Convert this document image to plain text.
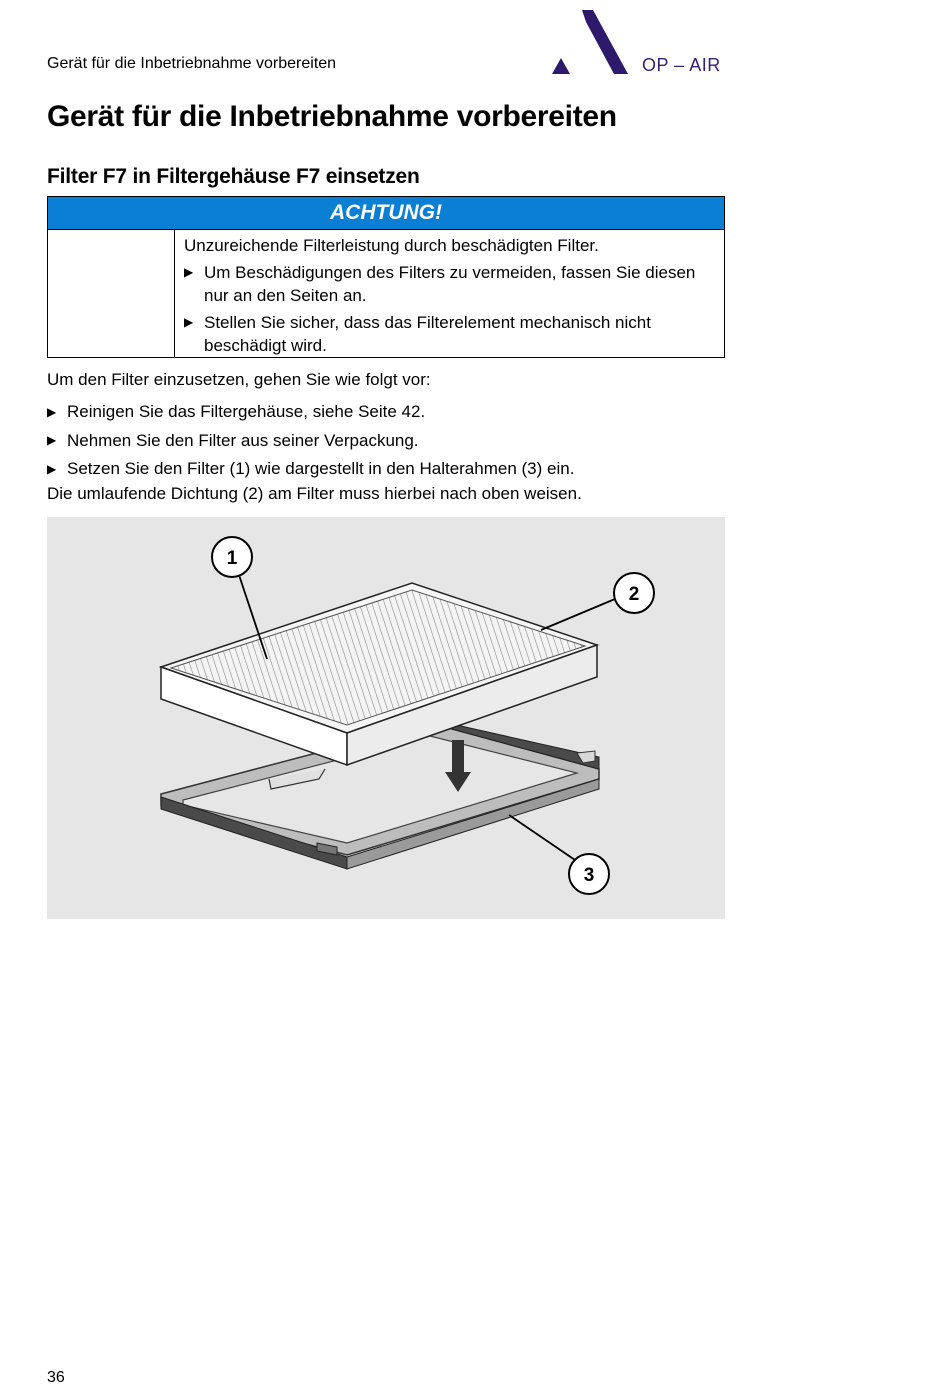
Gerät für die Inbetriebnahme vorbereiten	OP – AIR
Gerät für die Inbetriebnahme vorbereiten
Filter F7 in Filtergehäuse F7 einsetzen
ACHTUNG!

Unzureichende Filterleistung durch beschädigten Filter.

▶ Um Beschädigungen des Filters zu vermeiden, fassen Sie diesen nur an den Seiten an.
▶ Stellen Sie sicher, dass das Filterelement mechanisch nicht beschädigt wird.
Um den Filter einzusetzen, gehen Sie wie folgt vor:
▶ Reinigen Sie das Filtergehäuse, siehe Seite 42.
▶ Nehmen Sie den Filter aus seiner Verpackung.
▶ Setzen Sie den Filter (1) wie dargestellt in den Halterahmen (3) ein.
Die umlaufende Dichtung (2) am Filter muss hierbei nach oben weisen.
1
2
3
36
